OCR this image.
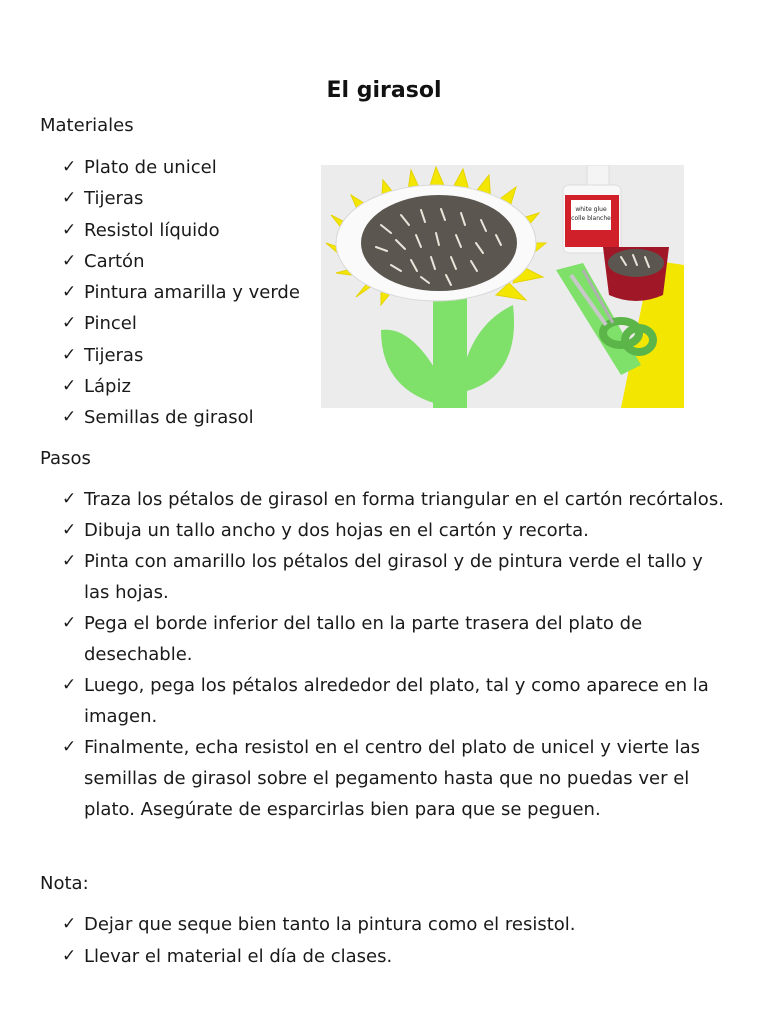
El girasol
Materiales
✓ Plato de unicel
✓ Tijeras
✓ Resistol líquido
✓ Cartón
✓ Pintura amarilla y verde
✓ Pincel
✓ Tijeras
✓ Lápiz
✓ Semillas de girasol
Pasos
✓ Traza los pétalos de girasol en forma triangular en el cartón recórtalos.
✓ Dibuja un tallo ancho y dos hojas en el cartón y recorta.
✓ Pinta con amarillo los pétalos del girasol y de pintura verde el tallo y las hojas.
✓ Pega el borde inferior del tallo en la parte trasera del plato de desechable.
✓ Luego, pega los pétalos alrededor del plato, tal y como aparece en la imagen.
✓ Finalmente, echa resistol en el centro del plato de unicel y vierte las semillas de girasol sobre el pegamento hasta que no puedas ver el plato. Asegúrate de esparcirlas bien para que se peguen.
Nota:
✓ Dejar que seque bien tanto la pintura como el resistol.
✓ Llevar el material el día de clases.
white glue
colle blanche
